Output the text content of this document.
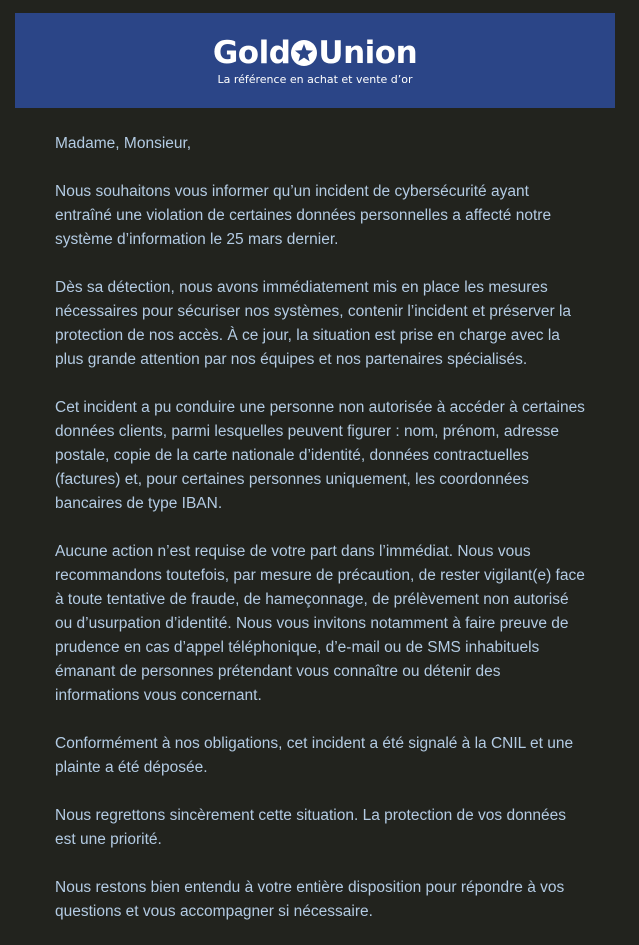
Gold Union
La référence en achat et vente d’or

Madame, Monsieur,

Nous souhaitons vous informer qu’un incident de cybersécurité ayant entraîné une violation de certaines données personnelles a affecté notre système d’information le 25 mars dernier.

Dès sa détection, nous avons immédiatement mis en place les mesures nécessaires pour sécuriser nos systèmes, contenir l’incident et préserver la protection de nos accès. À ce jour, la situation est prise en charge avec la plus grande attention par nos équipes et nos partenaires spécialisés.

Cet incident a pu conduire une personne non autorisée à accéder à certaines données clients, parmi lesquelles peuvent figurer : nom, prénom, adresse postale, copie de la carte nationale d’identité, données contractuelles (factures) et, pour certaines personnes uniquement, les coordonnées bancaires de type IBAN.

Aucune action n’est requise de votre part dans l’immédiat. Nous vous recommandons toutefois, par mesure de précaution, de rester vigilant(e) face à toute tentative de fraude, de hameçonnage, de prélèvement non autorisé ou d’usurpation d’identité. Nous vous invitons notamment à faire preuve de prudence en cas d’appel téléphonique, d’e-mail ou de SMS inhabituels émanant de personnes prétendant vous connaître ou détenir des informations vous concernant.

Conformément à nos obligations, cet incident a été signalé à la CNIL et une plainte a été déposée.

Nous regrettons sincèrement cette situation. La protection de vos données est une priorité.

Nous restons bien entendu à votre entière disposition pour répondre à vos questions et vous accompagner si nécessaire.
